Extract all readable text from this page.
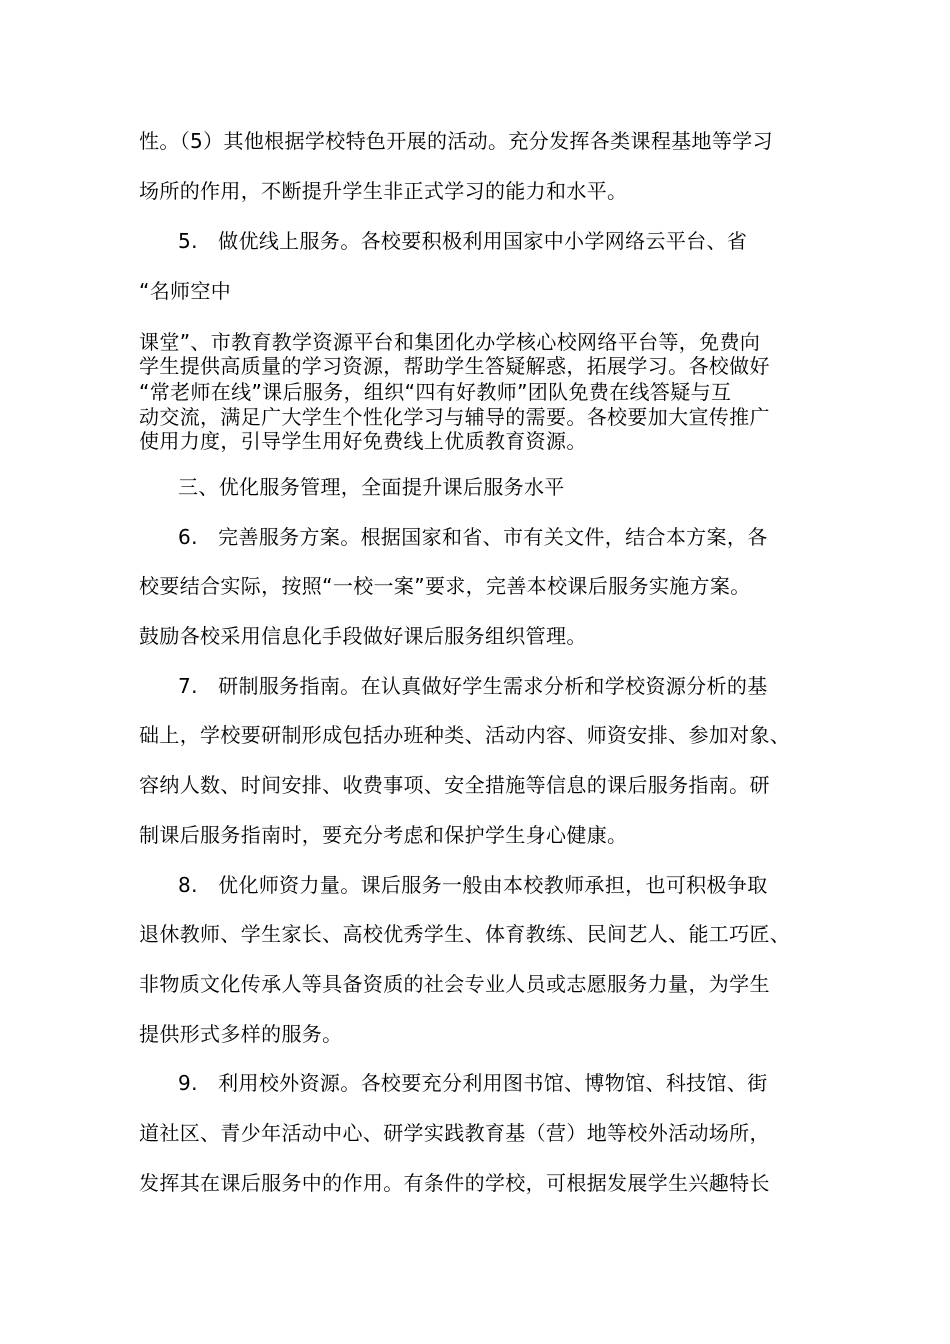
性。（5）其他根据学校特色开展的活动。充分发挥各类课程基地等学习
场所的作用，不断提升学生非正式学习的能力和水平。
5.　做优线上服务。各校要积极利用国家中小学网络云平台、省
“名师空中
课堂”、市教育教学资源平台和集团化办学核心校网络平台等，免费向
学生提供高质量的学习资源，帮助学生答疑解惑，拓展学习。各校做好
“常老师在线”课后服务，组织“四有好教师”团队免费在线答疑与互
动交流，满足广大学生个性化学习与辅导的需要。各校要加大宣传推广
使用力度，引导学生用好免费线上优质教育资源。
三、优化服务管理，全面提升课后服务水平
6.　完善服务方案。根据国家和省、市有关文件，结合本方案，各
校要结合实际，按照“一校一案”要求，完善本校课后服务实施方案。
鼓励各校采用信息化手段做好课后服务组织管理。
7.　研制服务指南。在认真做好学生需求分析和学校资源分析的基
础上，学校要研制形成包括办班种类、活动内容、师资安排、参加对象、
容纳人数、时间安排、收费事项、安全措施等信息的课后服务指南。研
制课后服务指南时，要充分考虑和保护学生身心健康。
8.　优化师资力量。课后服务一般由本校教师承担，也可积极争取
退休教师、学生家长、高校优秀学生、体育教练、民间艺人、能工巧匠、
非物质文化传承人等具备资质的社会专业人员或志愿服务力量，为学生
提供形式多样的服务。
9.　利用校外资源。各校要充分利用图书馆、博物馆、科技馆、街
道社区、青少年活动中心、研学实践教育基（营）地等校外活动场所，
发挥其在课后服务中的作用。有条件的学校，可根据发展学生兴趣特长
